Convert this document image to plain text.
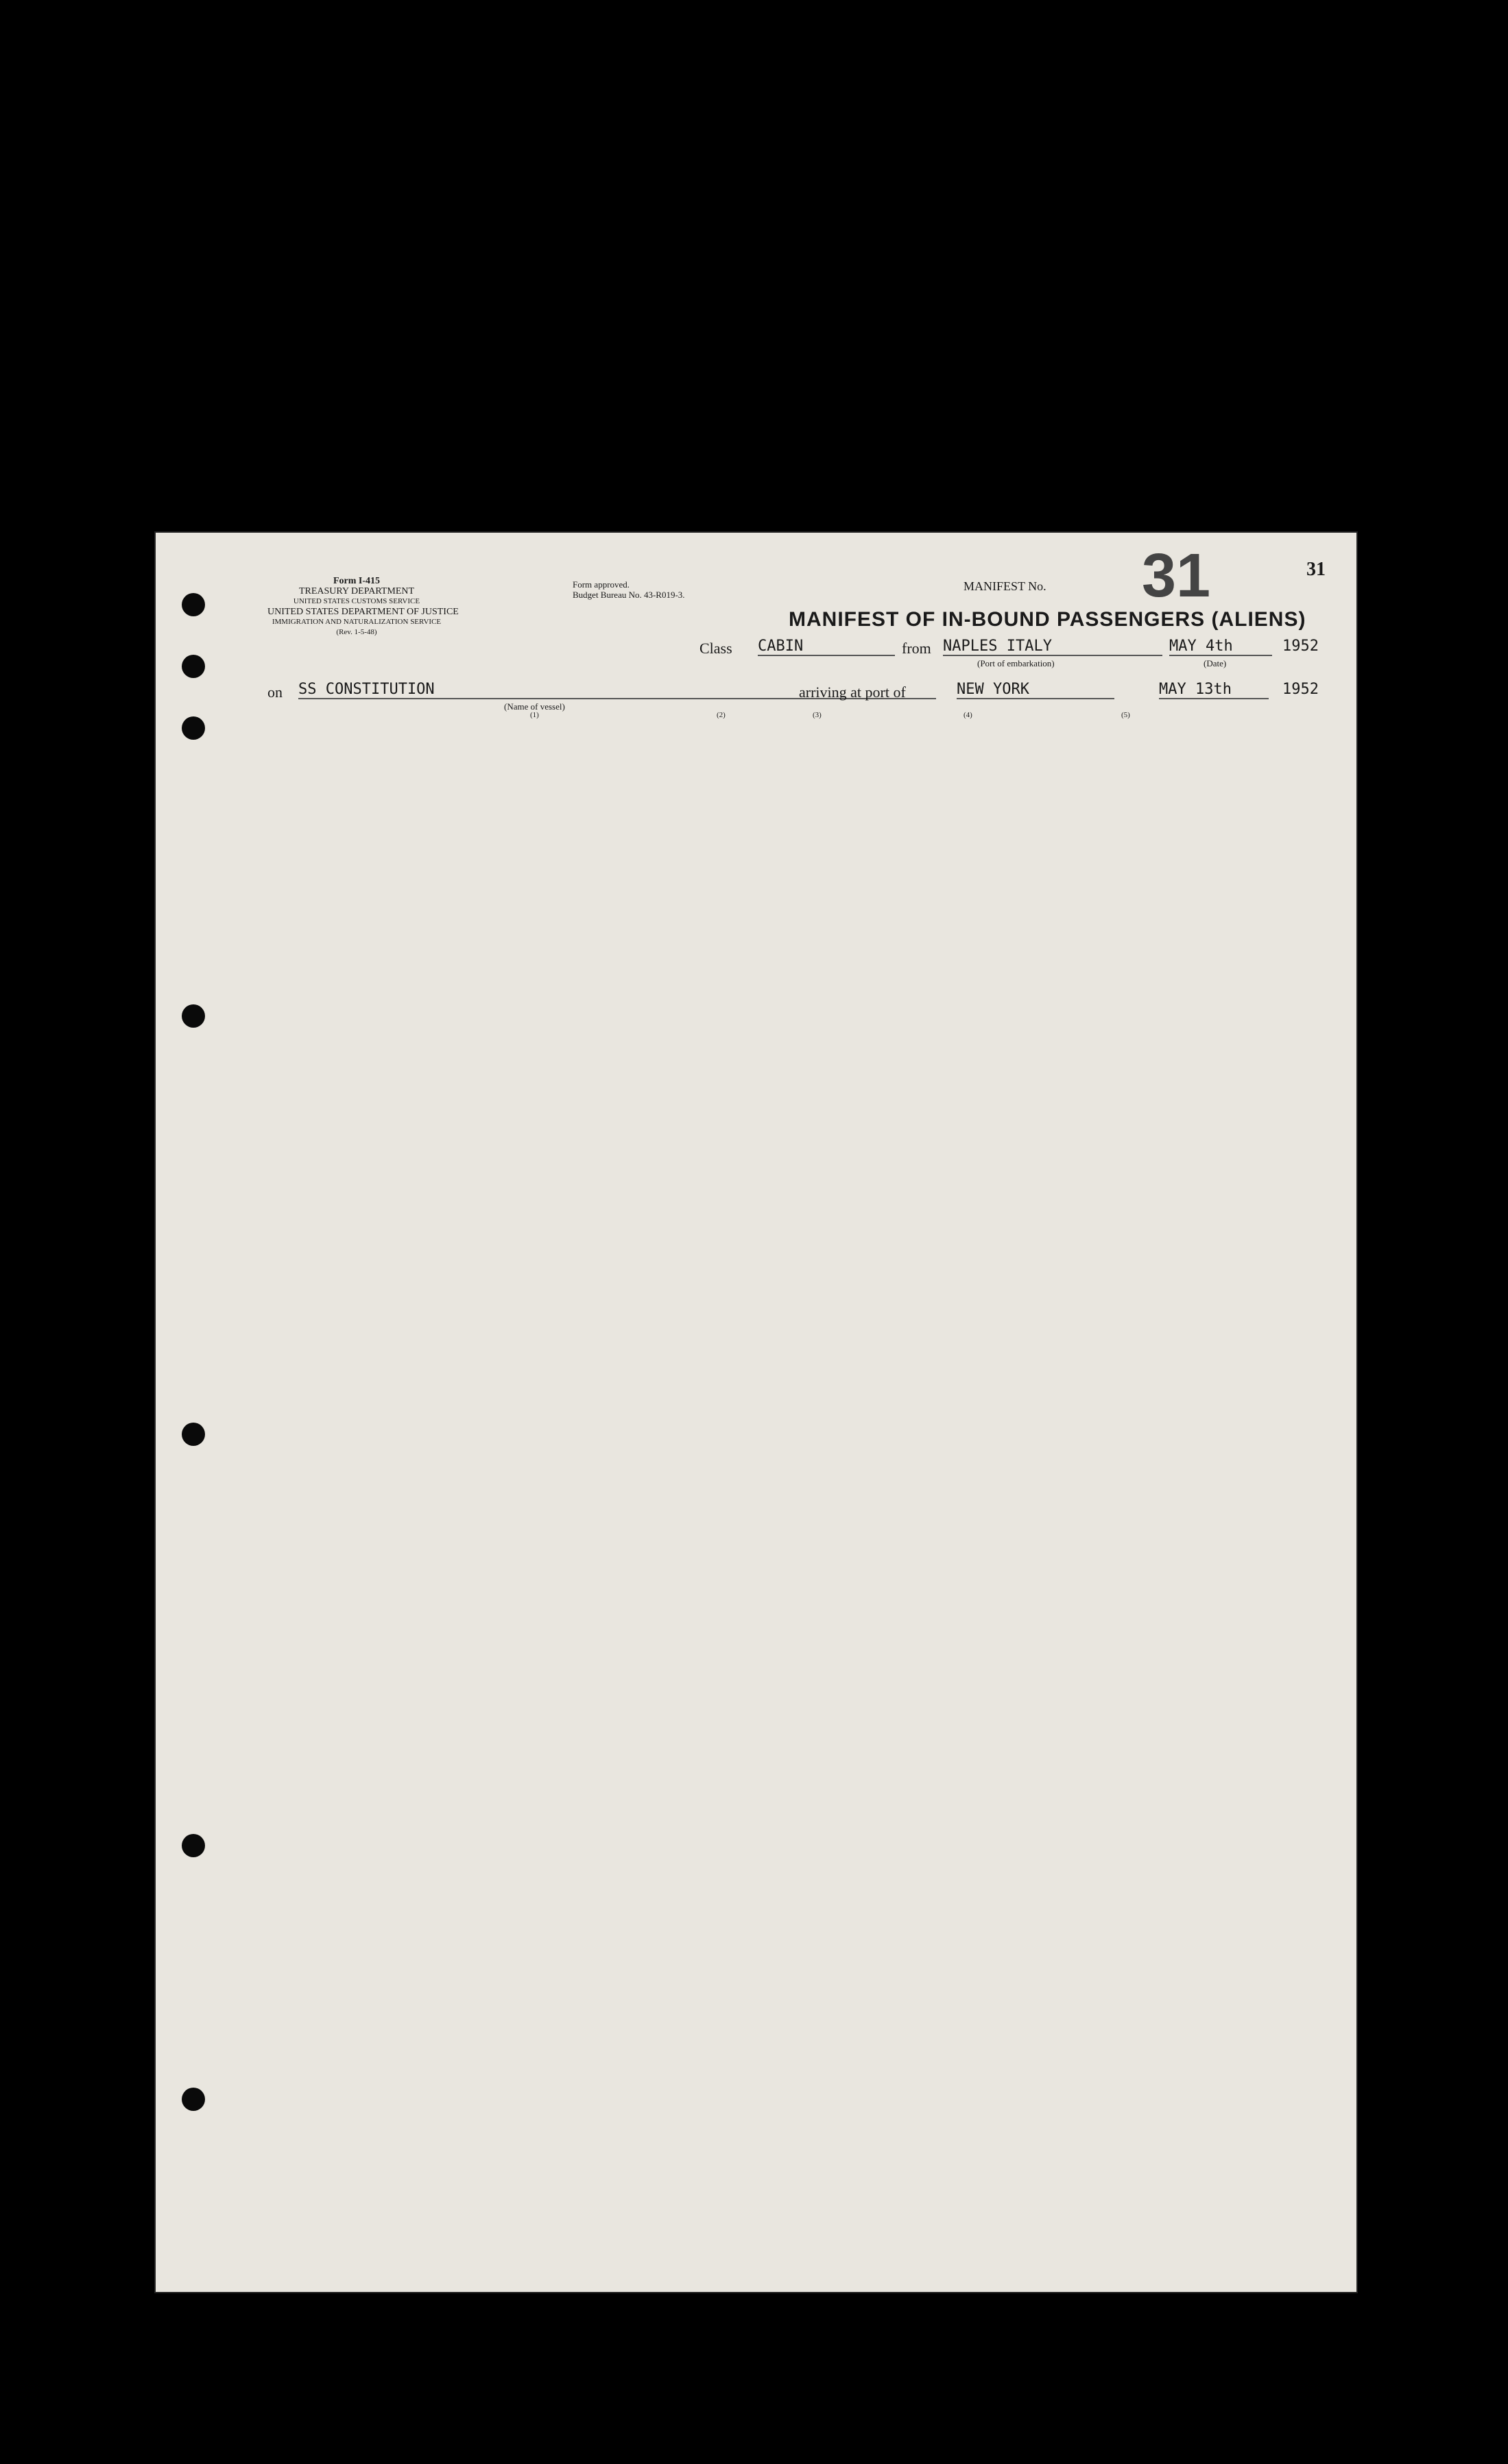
Form I-415
TREASURY DEPARTMENT
UNITED STATES CUSTOMS SERVICE
UNITED STATES DEPARTMENT OF JUSTICE
IMMIGRATION AND NATURALIZATION SERVICE
(Rev. 1-5-48)
Form approved.
Budget Bureau No. 43-R019-3.
MANIFEST No. 31	31
MANIFEST OF IN-BOUND PASSENGERS (ALIENS)
Class CABIN	from NAPLES ITALY
(Port of embarkation)
MAY 4th
(Date)
1952
on SS CONSTITUTION
(Name of vessel)
arriving at port of	NEW YORK	MAY 13th	1952
(1)	(2)	(3)	(4)	(5)
